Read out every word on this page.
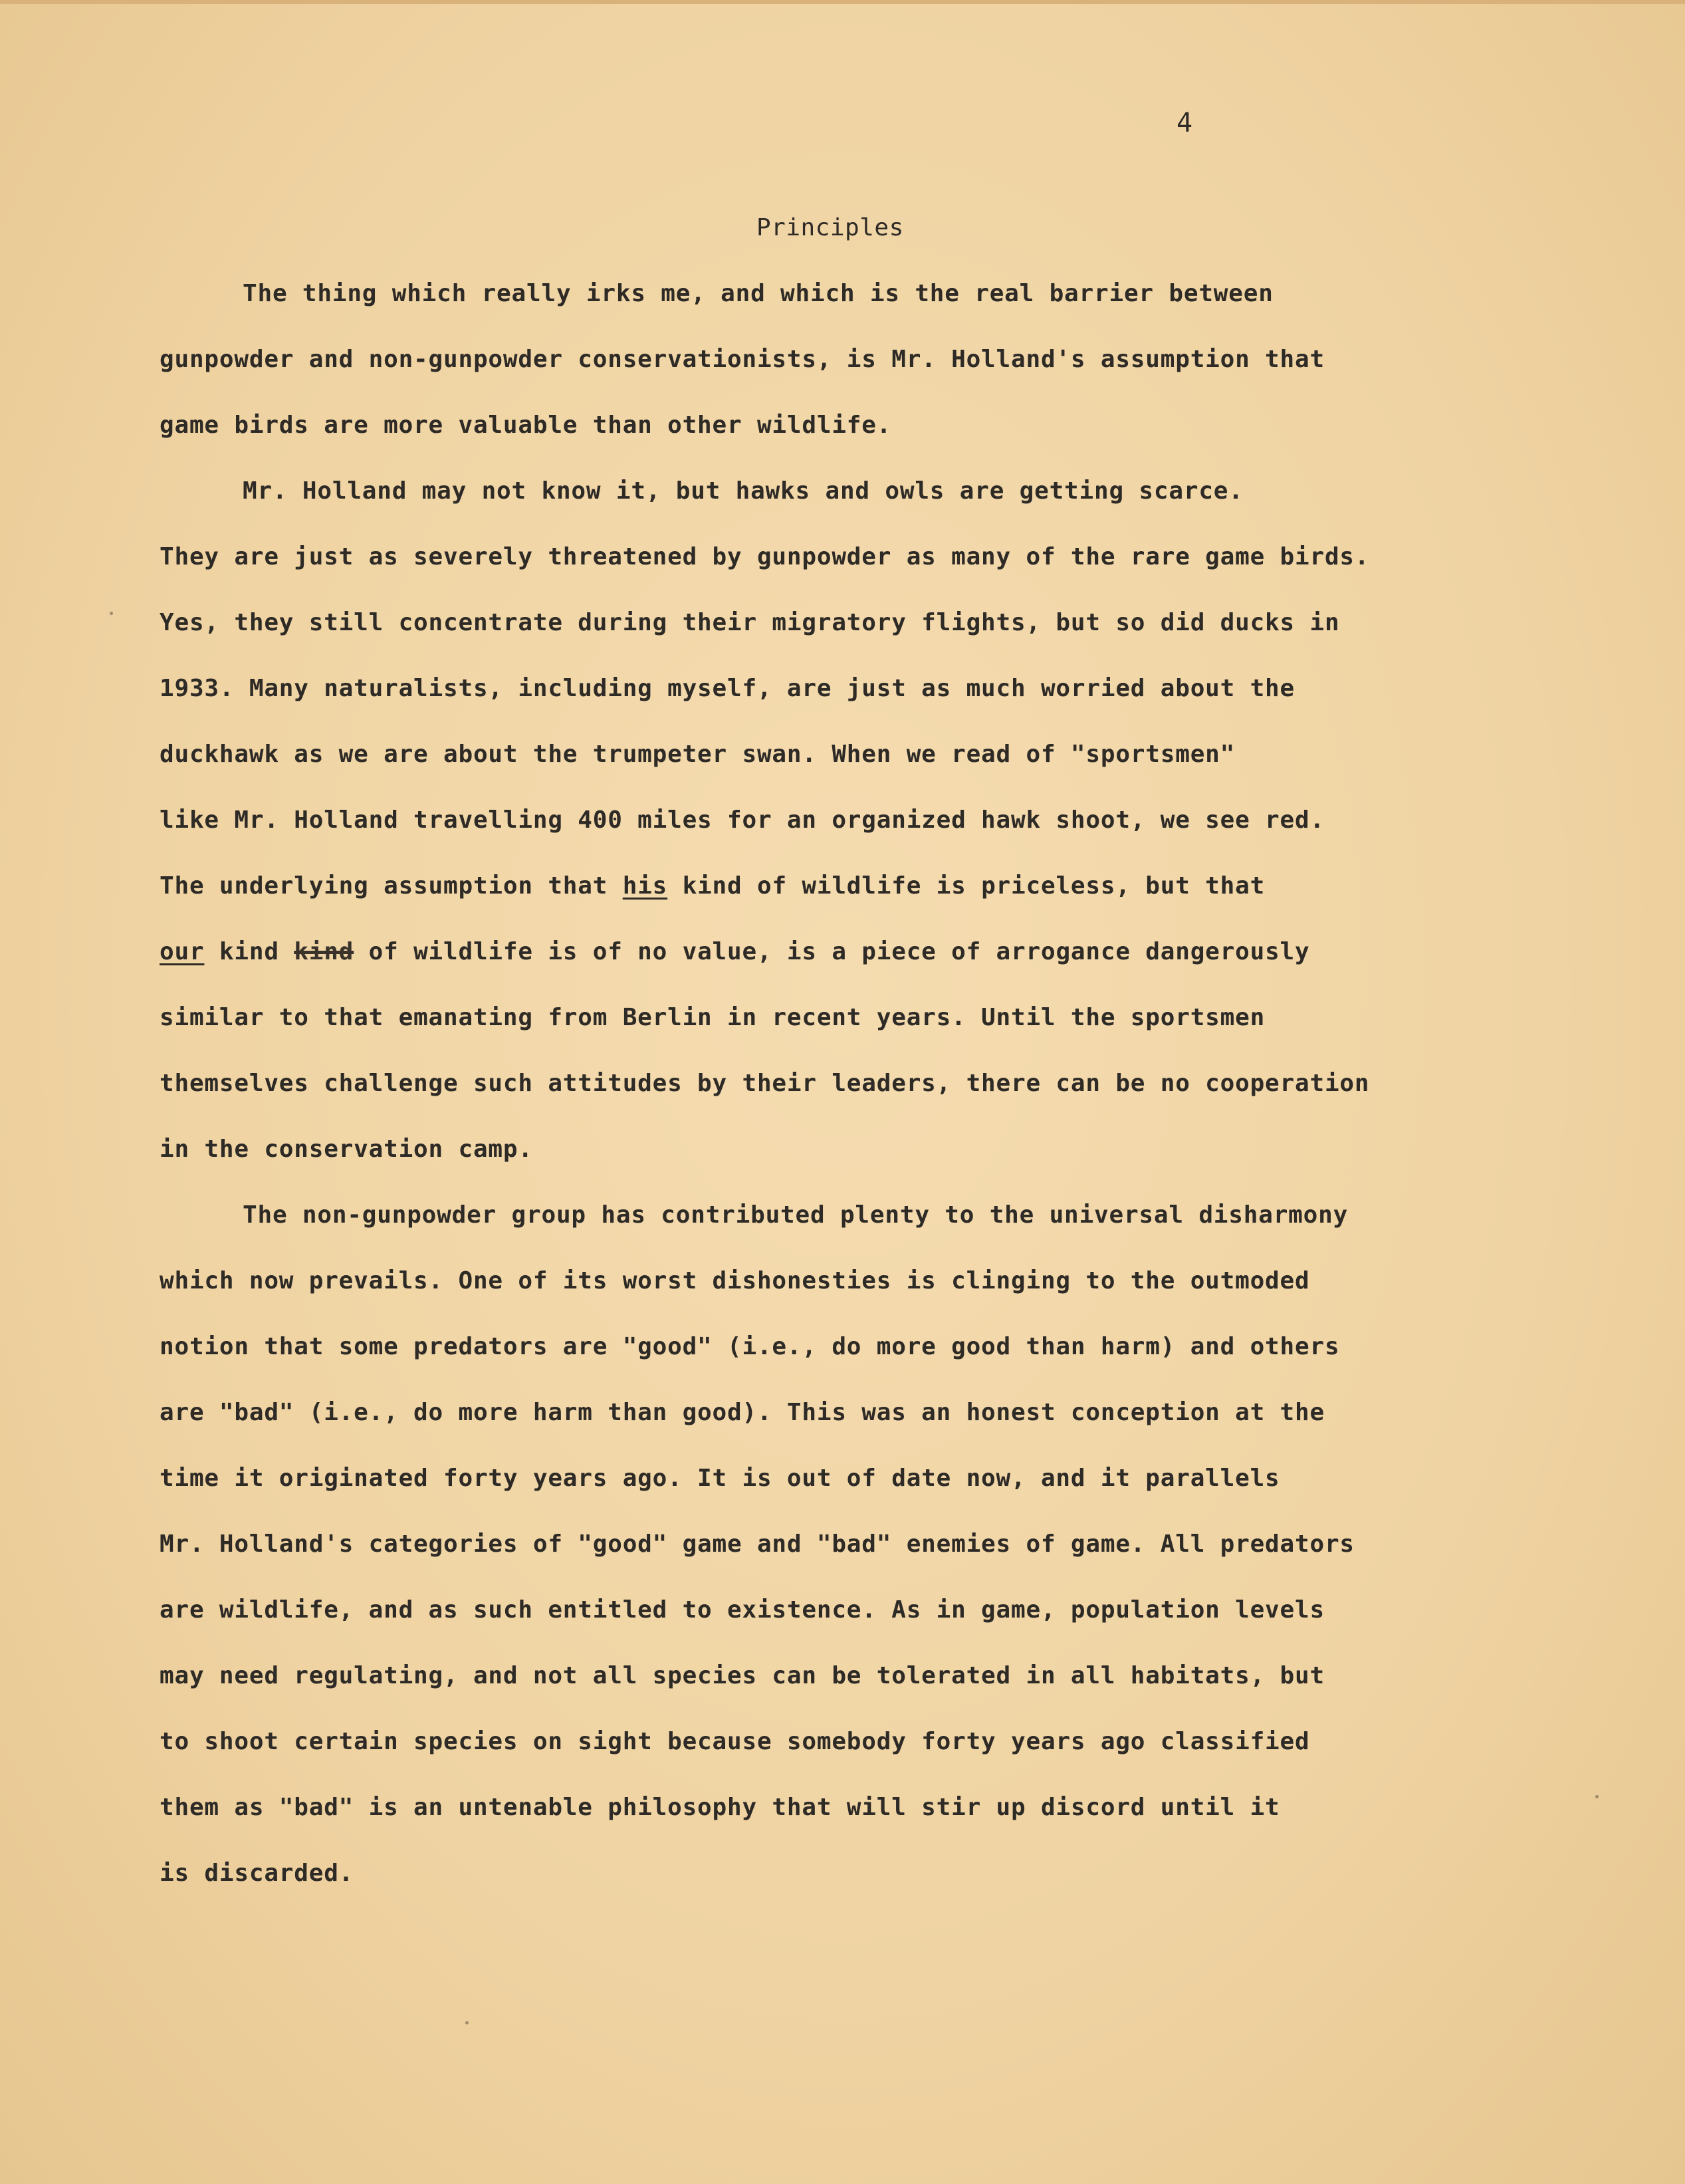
4
Principles
The thing which really irks me, and which is the real barrier between
gunpowder and non-gunpowder conservationists, is Mr. Holland's assumption that
game birds are more valuable than other wildlife.
Mr. Holland may not know it, but hawks and owls are getting scarce.
They are just as severely threatened by gunpowder as many of the rare game birds.
Yes, they still concentrate during their migratory flights, but so did ducks in
1933. Many naturalists, including myself, are just as much worried about the
duckhawk as we are about the trumpeter swan. When we read of "sportsmen"
like Mr. Holland travelling 400 miles for an organized hawk shoot, we see red.
The underlying assumption that his kind of wildlife is priceless, but that
our kind kind of wildlife is of no value, is a piece of arrogance dangerously
similar to that emanating from Berlin in recent years. Until the sportsmen
themselves challenge such attitudes by their leaders, there can be no cooperation
in the conservation camp.
The non-gunpowder group has contributed plenty to the universal disharmony
which now prevails. One of its worst dishonesties is clinging to the outmoded
notion that some predators are "good" (i.e., do more good than harm) and others
are "bad" (i.e., do more harm than good). This was an honest conception at the
time it originated forty years ago. It is out of date now, and it parallels
Mr. Holland's categories of "good" game and "bad" enemies of game. All predators
are wildlife, and as such entitled to existence. As in game, population levels
may need regulating, and not all species can be tolerated in all habitats, but
to shoot certain species on sight because somebody forty years ago classified
them as "bad" is an untenable philosophy that will stir up discord until it
is discarded.
